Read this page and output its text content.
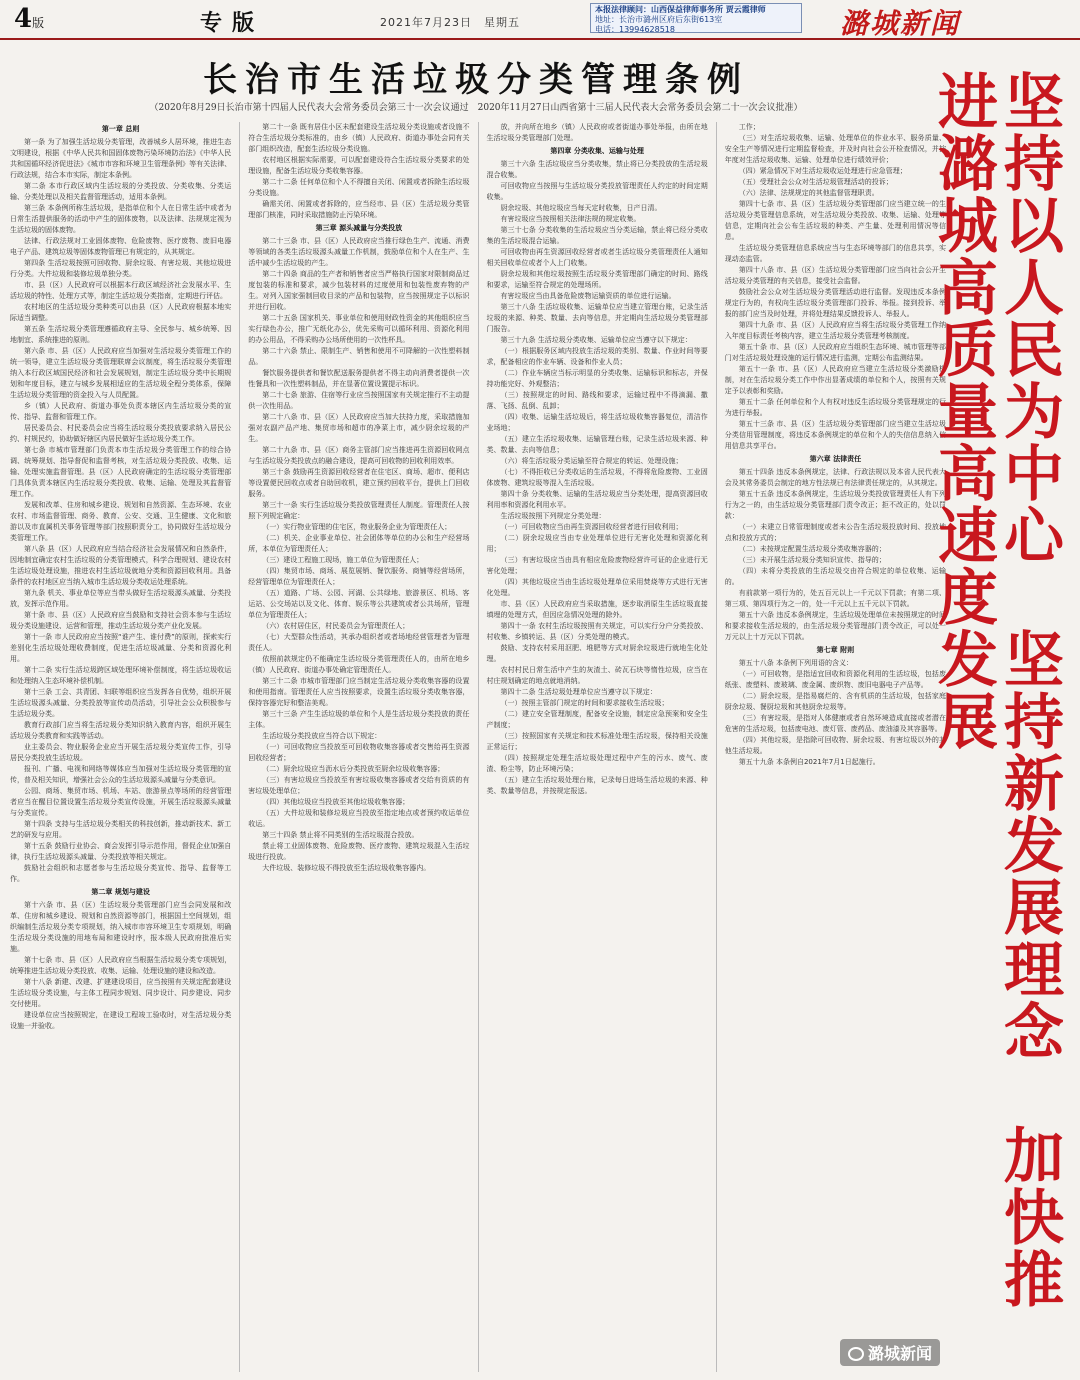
4版	专版	2021年7月23日　星期五
本报法律顾问：山西保益律师事务所 贾云霞律师
地址：长治市潞州区府后东街613室
电话：13994628518	潞城新闻
长治市生活垃圾分类管理条例
（2020年8月29日长治市第十四届人民代表大会常务委员会第三十一次会议通过　2020年11月27日山西省第十三届人民代表大会常务委员会第二十一次会议批准）

第一章 总则

第一条 为了加强生活垃圾分类管理，改善城乡人居环境，推进生态文明建设，根据《中华人民共和国固体废物污染环境防治法》《中华人民共和国循环经济促进法》《城市市容和环境卫生管理条例》等有关法律、行政法规，结合本市实际，制定本条例。

第二条 本市行政区域内生活垃圾的分类投放、分类收集、分类运输、分类处理以及相关监督管理活动，适用本条例。

第三条 本条例所称生活垃圾，是指单位和个人在日常生活中或者为日常生活提供服务的活动中产生的固体废物，以及法律、法规规定视为生活垃圾的固体废物。

法律、行政法规对工业固体废物、危险废物、医疗废物、废旧电器电子产品、建筑垃圾等固体废物管理已有规定的，从其规定。

第四条 生活垃圾按照可回收物、厨余垃圾、有害垃圾、其他垃圾进行分类。大件垃圾和装修垃圾单独分类。

市、县（区）人民政府可以根据本行政区域经济社会发展水平、生活垃圾的特性、处理方式等，制定生活垃圾分类指南，定期进行评估。

农村地区的生活垃圾分类种类可以由县（区）人民政府根据本地实际适当调整。

第五条 生活垃圾分类管理遵循政府主导、全民参与、城乡统筹、因地制宜、系统推进的原则。

第六条 市、县（区）人民政府应当加强对生活垃圾分类管理工作的统一领导，建立生活垃圾分类管理联席会议制度，将生活垃圾分类管理纳入本行政区域国民经济和社会发展规划，制定生活垃圾分类中长期规划和年度目标，建立与城乡发展相适应的生活垃圾全程分类体系，保障生活垃圾分类管理的资金投入与人员配置。

乡（镇）人民政府、街道办事处负责本辖区内生活垃圾分类的宣传、指导、监督和管理工作。

居民委员会、村民委员会应当将生活垃圾分类投放要求纳入居民公约、村规民约，协助做好辖区内居民做好生活垃圾分类工作。

第七条 市城市管理部门负责本市生活垃圾分类管理工作的综合协调、统筹规划、指导督促和监督考核，对生活垃圾分类投放、收集、运输、处理实施监督管理。县（区）人民政府确定的生活垃圾分类管理部门具体负责本辖区内生活垃圾分类投放、收集、运输、处理及其监督管理工作。

发展和改革、住房和城乡建设、规划和自然资源、生态环境、农业农村、市场监督管理、商务、教育、公安、交通、卫生健康、文化和旅游以及市直属机关事务管理等部门按照职责分工，协同做好生活垃圾分类管理工作。

第八条 县（区）人民政府应当结合经济社会发展情况和自然条件，因地制宜确定农村生活垃圾的分类管理模式，科学合理规划、建设农村生活垃圾处理设施，推进农村生活垃圾就地分类和资源回收利用。具备条件的农村地区应当纳入城市生活垃圾分类收运处理系统。

第九条 机关、事业单位等应当带头做好生活垃圾源头减量、分类投放，发挥示范作用。

第十条 市、县（区）人民政府应当鼓励和支持社会资本参与生活垃圾分类设施建设、运营和管理，推动生活垃圾分类产业化发展。

第十一条 市人民政府应当按照“谁产生、谁付费”的原则，探索实行差别化生活垃圾处理收费制度，促进生活垃圾减量、分类和资源化利用。

第十二条 实行生活垃圾跨区域处理环境补偿制度，将生活垃圾收运和处理纳入生态环境补偿机制。

第十三条 工会、共青团、妇联等组织应当发挥各自优势，组织开展生活垃圾源头减量、分类投放等宣传动员活动，引导社会公众积极参与生活垃圾分类。

教育行政部门应当将生活垃圾分类知识纳入教育内容，组织开展生活垃圾分类教育和实践等活动。

业主委员会、物业服务企业应当开展生活垃圾分类宣传工作，引导居民分类投放生活垃圾。

报刊、广播、电视和网络等媒体应当加强对生活垃圾分类管理的宣传，普及相关知识，增强社会公众的生活垃圾源头减量与分类意识。

公园、商场、集贸市场、机场、车站、旅游景点等场所的经营管理者应当在醒目位置设置生活垃圾分类宣传设施，开展生活垃圾源头减量与分类宣传。

第十四条 支持与生活垃圾分类相关的科技创新，推动新技术、新工艺的研发与应用。

第十五条 鼓励行业协会、商会发挥引导示范作用，督促企业加强自律，执行生活垃圾源头减量、分类投放等相关规定。

鼓励社会组织和志愿者参与生活垃圾分类宣传、指导、监督等工作。

第二章 规划与建设

第十六条 市、县（区）生活垃圾分类管理部门应当会同发展和改革、住房和城乡建设、规划和自然资源等部门，根据国土空间规划，组织编制生活垃圾分类专项规划，纳入城市市容环境卫生专项规划，明确生活垃圾分类设施的用地布局和建设时序，报本级人民政府批准后实施。

第十七条 市、县（区）人民政府应当根据生活垃圾分类专项规划，统筹推进生活垃圾分类投放、收集、运输、处理设施的建设和改造。

第十八条 新建、改建、扩建建设项目，应当按照有关规定配套建设生活垃圾分类设施，与主体工程同步规划、同步设计、同步建设、同步交付使用。

建设单位应当按照规定，在建设工程竣工验收时，对生活垃圾分类设施一并验收。

第二十一条 既有居住小区未配套建设生活垃圾分类设施或者设施不符合生活垃圾分类标准的，由乡（镇）人民政府、街道办事处会同有关部门组织改造，配套生活垃圾分类设施。

农村地区根据实际需要，可以配套建设符合生活垃圾分类要求的处理设施，配备生活垃圾分类收集容器。

第二十二条 任何单位和个人不得擅自关闭、闲置或者拆除生活垃圾分类设施。

确需关闭、闲置或者拆除的，应当经市、县（区）生活垃圾分类管理部门核准，同时采取措施防止污染环境。

第三章 源头减量与分类投放

第二十三条 市、县（区）人民政府应当推行绿色生产、流通、消费等领域的各类生活垃圾源头减量工作机制，鼓励单位和个人在生产、生活中减少生活垃圾的产生。

第二十四条 商品的生产者和销售者应当严格执行国家对限制商品过度包装的标准和要求，减少包装材料的过度使用和包装性废弃物的产生。对列入国家强制回收目录的产品和包装物，应当按照规定予以标识并进行回收。

第二十五条 国家机关、事业单位和使用财政性资金的其他组织应当实行绿色办公，推广无纸化办公，优先采购可以循环利用、资源化利用的办公用品，不得采购办公场所使用的一次性杯具。

第二十六条 禁止、限制生产、销售和使用不可降解的一次性塑料制品。

餐饮服务提供者和餐饮配送服务提供者不得主动向消费者提供一次性餐具和一次性塑料制品，并在显著位置设置提示标识。

第二十七条 旅游、住宿等行业应当按照国家有关规定推行不主动提供一次性用品。

第二十八条 市、县（区）人民政府应当加大扶持力度，采取措施加强对农副产品产地、集贸市场和超市的净菜上市，减少厨余垃圾的产生。

第二十九条 市、县（区）商务主管部门应当推进再生资源回收网点与生活垃圾分类投放点的融合建设，提高可回收物的回收利用效率。

第三十条 鼓励再生资源回收经营者在住宅区、商场、超市、便利店等设置便民回收点或者自助回收机，建立预约回收平台，提供上门回收服务。

第三十一条 实行生活垃圾分类投放管理责任人制度。管理责任人按照下列规定确定：

（一）实行物业管理的住宅区，物业服务企业为管理责任人；

（二）机关、企业事业单位、社会团体等单位的办公和生产经营场所，本单位为管理责任人；

（三）建设工程施工现场，施工单位为管理责任人；

（四）集贸市场、商场、展览展销、餐饮服务、商铺等经营场所，经营管理单位为管理责任人；

（五）道路、广场、公园、河湖、公共绿地、旅游景区、机场、客运站、公交场站以及文化、体育、娱乐等公共建筑或者公共场所，管理单位为管理责任人；

（六）农村居住区，村民委员会为管理责任人；

（七）大型群众性活动，其承办组织者或者场地经营管理者为管理责任人。

依照前款规定仍不能确定生活垃圾分类管理责任人的，由所在地乡（镇）人民政府、街道办事处确定管理责任人。

第三十二条 市城市管理部门应当制定生活垃圾分类收集容器的设置和使用指南。管理责任人应当按照要求，设置生活垃圾分类收集容器，保持容器完好和整洁美观。

第三十三条 产生生活垃圾的单位和个人是生活垃圾分类投放的责任主体。

生活垃圾分类投放应当符合以下规定：

（一）可回收物应当投放至可回收物收集容器或者交售给再生资源回收经营者；

（二）厨余垃圾应当沥水后分类投放至厨余垃圾收集容器；

（三）有害垃圾应当投放至有害垃圾收集容器或者交给有资质的有害垃圾处理单位；

（四）其他垃圾应当投放至其他垃圾收集容器；

（五）大件垃圾和装修垃圾应当投放至指定地点或者预约收运单位收运。

第三十四条 禁止将不同类别的生活垃圾混合投放。

禁止将工业固体废物、危险废物、医疗废物、建筑垃圾混入生活垃圾进行投放。

大件垃圾、装修垃圾不得投放至生活垃圾收集容器内。

放，并向所在地乡（镇）人民政府或者街道办事处举报，由所在地生活垃圾分类管理部门处理。

第四章 分类收集、运输与处理

第三十六条 生活垃圾应当分类收集，禁止将已分类投放的生活垃圾混合收集。

可回收物应当按照与生活垃圾分类投放管理责任人约定的时间定期收集。

厨余垃圾、其他垃圾应当每天定时收集，日产日清。

有害垃圾应当按照相关法律法规的规定收集。

第三十七条 分类收集的生活垃圾应当分类运输，禁止将已经分类收集的生活垃圾混合运输。

可回收物由再生资源回收经营者或者生活垃圾分类管理责任人通知相关回收单位或者个人上门收集。

厨余垃圾和其他垃圾按照生活垃圾分类管理部门确定的时间、路线和要求，运输至符合规定的处理场所。

有害垃圾应当由具备危险废物运输资质的单位进行运输。

第三十八条 生活垃圾收集、运输单位应当建立管理台账，记录生活垃圾的来源、种类、数量、去向等信息，并定期向生活垃圾分类管理部门报告。

第三十九条 生活垃圾分类收集、运输单位应当遵守以下规定：

（一）根据服务区域内投放生活垃圾的类别、数量、作业时间等要求，配备相应的作业车辆、设备和作业人员；

（二）作业车辆应当标示明显的分类收集、运输标识和标志，并保持功能完好、外观整洁；

（三）按照规定的时间、路线和要求，运输过程中不得滴漏、撒落、飞扬、乱倒、乱卸；

（四）收集、运输生活垃圾后，将生活垃圾收集容器复位，清洁作业场地；

（五）建立生活垃圾收集、运输管理台账，记录生活垃圾来源、种类、数量、去向等信息；

（六）将生活垃圾分类运输至符合规定的转运、处理设施；

（七）不得拒收已分类收运的生活垃圾，不得将危险废物、工业固体废物、建筑垃圾等混入生活垃圾。

第四十条 分类收集、运输的生活垃圾应当分类处理，提高资源回收利用率和资源化利用水平。

生活垃圾按照下列规定分类处理：

（一）可回收物应当由再生资源回收经营者进行回收利用；

（二）厨余垃圾应当由专业处理单位进行无害化处理和资源化利用；

（三）有害垃圾应当由具有相应危险废物经营许可证的企业进行无害化处理；

（四）其他垃圾应当由生活垃圾处理单位采用焚烧等方式进行无害化处理。

市、县（区）人民政府应当采取措施，逐步取消原生生活垃圾直接填埋的处理方式，但因应急情况处理的除外。

第四十一条 农村生活垃圾按照有关规定，可以实行分户分类投放、村收集、乡镇转运、县（区）分类处理的模式。

鼓励、支持农村采用沤肥、堆肥等方式对厨余垃圾进行就地生化处理。

农村村民日常生活中产生的灰渣土、砖瓦石块等惰性垃圾，应当在村庄规划确定的地点就地消纳。

第四十二条 生活垃圾处理单位应当遵守以下规定：

（一）按照主管部门规定的时间和要求接收生活垃圾；

（二）建立安全管理制度，配备安全设施，制定应急预案和安全生产制度；

（三）按照国家有关规定和技术标准处理生活垃圾，保持相关设施正常运行；

（四）按照规定处理生活垃圾处理过程中产生的污水、废气、废渣、粉尘等，防止环境污染；

（五）建立生活垃圾处理台账，记录每日进场生活垃圾的来源、种类、数量等信息，并按规定报送。

工作；

（三）对生活垃圾收集、运输、处理单位的作业水平、服务质量、安全生产等情况进行定期监督检查，并及时向社会公开检查情况，并按年度对生活垃圾收集、运输、处理单位进行绩效评价；

（四）紧急情况下对生活垃圾收运处理进行应急管理；

（五）受理社会公众对生活垃圾管理活动的投诉；

（六）法律、法规规定的其他监督管理职责。

第四十七条 市、县（区）生活垃圾分类管理部门应当建立统一的生活垃圾分类管理信息系统，对生活垃圾分类投放、收集、运输、处理等信息，定期向社会公布生活垃圾的种类、产生量、处理利用情况等信息。

生活垃圾分类管理信息系统应当与生态环境等部门的信息共享，实现动态监管。

第四十八条 市、县（区）生活垃圾分类管理部门应当向社会公开生活垃圾分类管理的有关信息，接受社会监督。

鼓励社会公众对生活垃圾分类管理活动进行监督。发现违反本条例规定行为的，有权向生活垃圾分类管理部门投诉、举报。接到投诉、举报的部门应当及时处理，并将处理结果反馈投诉人、举报人。

第四十九条 市、县（区）人民政府应当将生活垃圾分类管理工作纳入年度目标责任考核内容，建立生活垃圾分类管理考核制度。

第五十条 市、县（区）人民政府应当组织生态环境、城市管理等部门对生活垃圾处理设施的运行情况进行监测，定期公布监测结果。

第五十一条 市、县（区）人民政府应当建立生活垃圾分类激励机制，对在生活垃圾分类工作中作出显著成绩的单位和个人，按照有关规定予以表彰和奖励。

第五十二条 任何单位和个人有权对违反生活垃圾分类管理规定的行为进行举报。

第五十三条 市、县（区）生活垃圾分类管理部门应当建立生活垃圾分类信用管理制度，将违反本条例规定的单位和个人的失信信息纳入信用信息共享平台。

第六章 法律责任

第五十四条 违反本条例规定，法律、行政法规以及本省人民代表大会及其常务委员会制定的地方性法规已有法律责任规定的，从其规定。

第五十五条 违反本条例规定，生活垃圾分类投放管理责任人有下列行为之一的，由生活垃圾分类管理部门责令改正；拒不改正的，处以罚款：

（一）未建立日常管理制度或者未公告生活垃圾投放时间、投放地点和投放方式的；

（二）未按规定配置生活垃圾分类收集容器的；

（三）未开展生活垃圾分类知识宣传、指导的；

（四）未将分类投放的生活垃圾交由符合规定的单位收集、运输的。

有前款第一项行为的，处五百元以上一千元以下罚款；有第二项、第三项、第四项行为之一的，处一千元以上五千元以下罚款。

第五十六条 违反本条例规定，生活垃圾处理单位未按照规定的时间和要求接收生活垃圾的，由生活垃圾分类管理部门责令改正，可以处一万元以上十万元以下罚款。

第七章 附则

第五十八条 本条例下列用语的含义：

（一）可回收物，是指适宜回收和资源化利用的生活垃圾，包括废纸张、废塑料、废玻璃、废金属、废织物、废旧电器电子产品等。

（二）厨余垃圾，是指易腐烂的、含有机质的生活垃圾，包括家庭厨余垃圾、餐厨垃圾和其他厨余垃圾等。

（三）有害垃圾，是指对人体健康或者自然环境造成直接或者潜在危害的生活垃圾，包括废电池、废灯管、废药品、废油漆及其容器等。

（四）其他垃圾，是指除可回收物、厨余垃圾、有害垃圾以外的其他生活垃圾。

第五十九条 本条例自2021年7月1日起施行。	坚持以人民为中心　坚持新发展理念　加快推进潞城高质量高速度发展
潞城新闻
